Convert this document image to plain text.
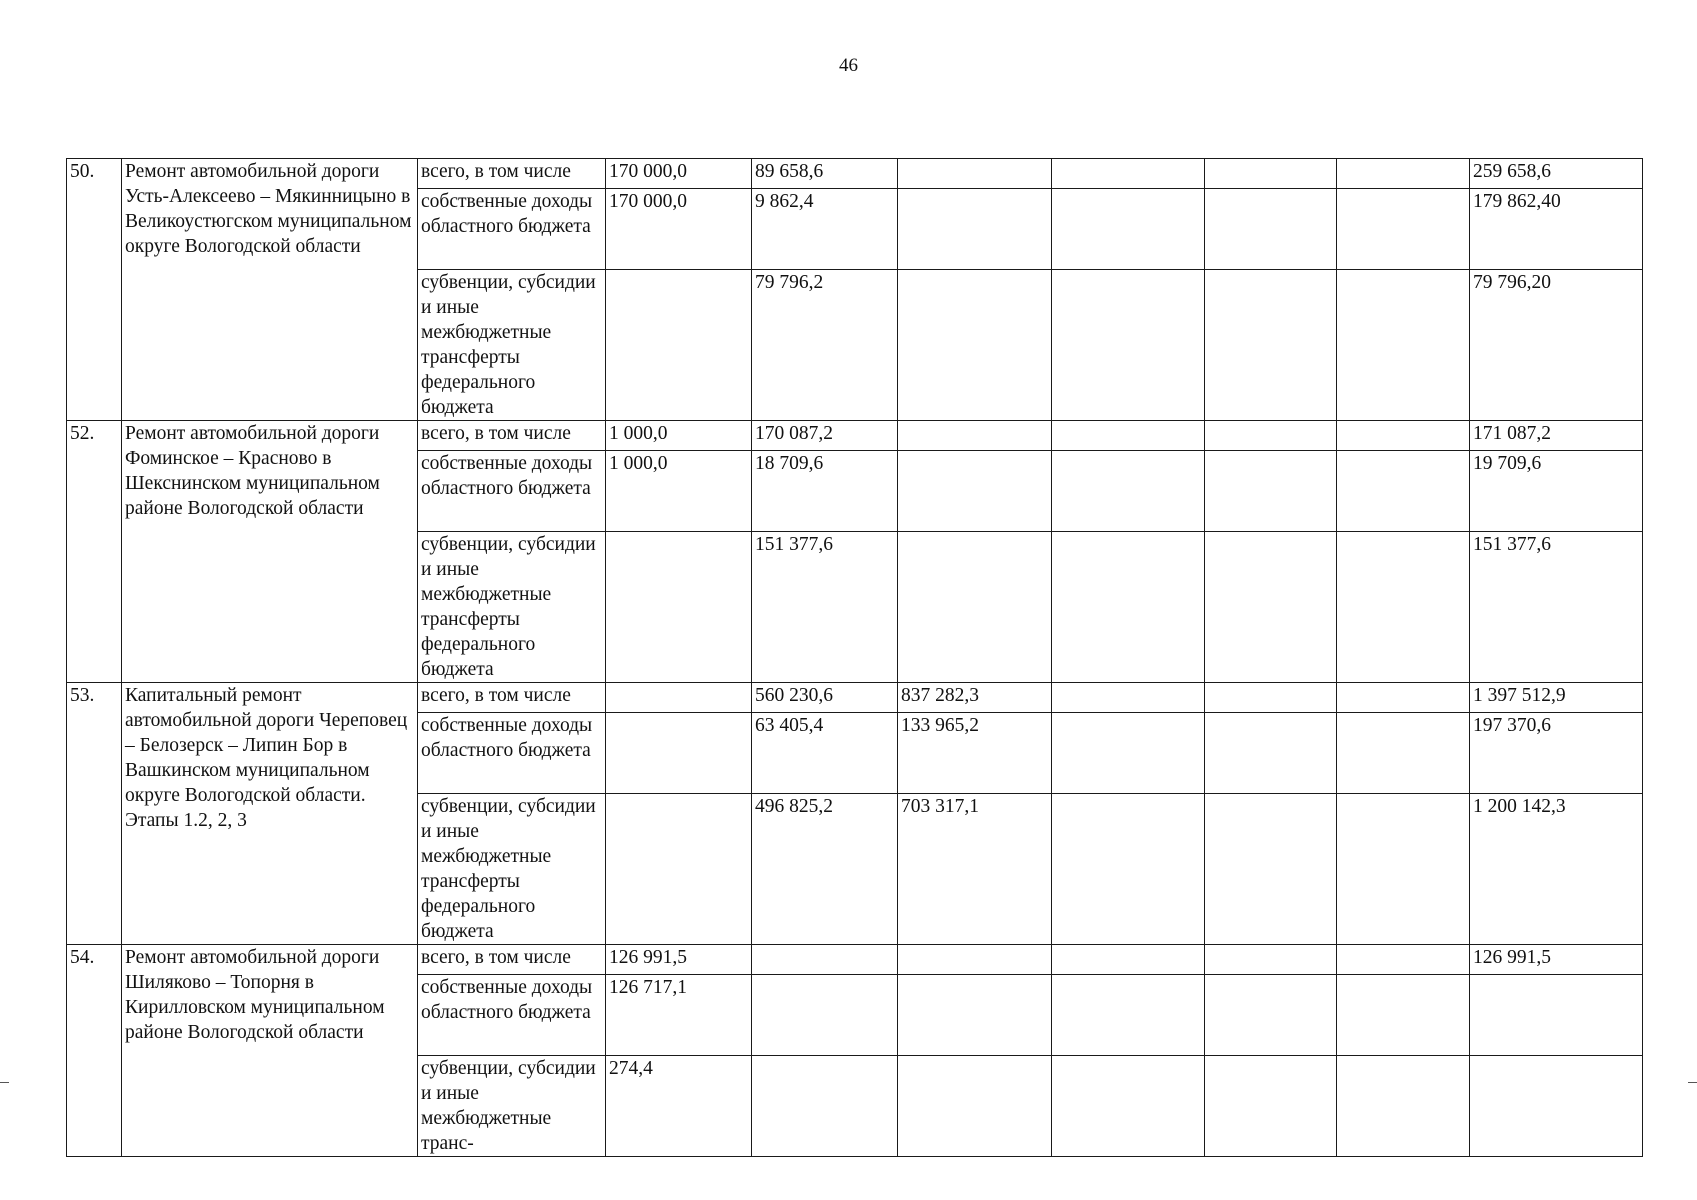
46
50.	Ремонт автомобильной дороги Усть-Алексеево – Мякинницыно в Великоустюгском муниципальном округе Вологодской области	всего, в том числе	170 000,0	89 658,6					259 658,6
		собственные доходы областного бюджета	170 000,0	9 862,4					179 862,40
		субвенции, субсидии и иные межбюджетные трансферты федерального бюджета		79 796,2					79 796,20
52.	Ремонт автомобильной дороги Фоминское – Красново в Шекснинском муниципальном районе Вологодской области	всего, в том числе	1 000,0	170 087,2					171 087,2
		собственные доходы областного бюджета	1 000,0	18 709,6					19 709,6
		субвенции, субсидии и иные межбюджетные трансферты федерального бюджета		151 377,6					151 377,6
53.	Капитальный ремонт автомобильной дороги Череповец – Белозерск – Липин Бор в Вашкинском муниципальном округе Вологодской области. Этапы 1.2, 2, 3	всего, в том числе		560 230,6	837 282,3				1 397 512,9
		собственные доходы областного бюджета		63 405,4	133 965,2				197 370,6
		субвенции, субсидии и иные межбюджетные трансферты федерального бюджета		496 825,2	703 317,1				1 200 142,3
54.	Ремонт автомобильной дороги Шиляково – Топорня в Кирилловском муниципальном районе Вологодской области	всего, в том числе	126 991,5						126 991,5
		собственные доходы областного бюджета	126 717,1						
		субвенции, субсидии и иные межбюджетные транс-	274,4						
